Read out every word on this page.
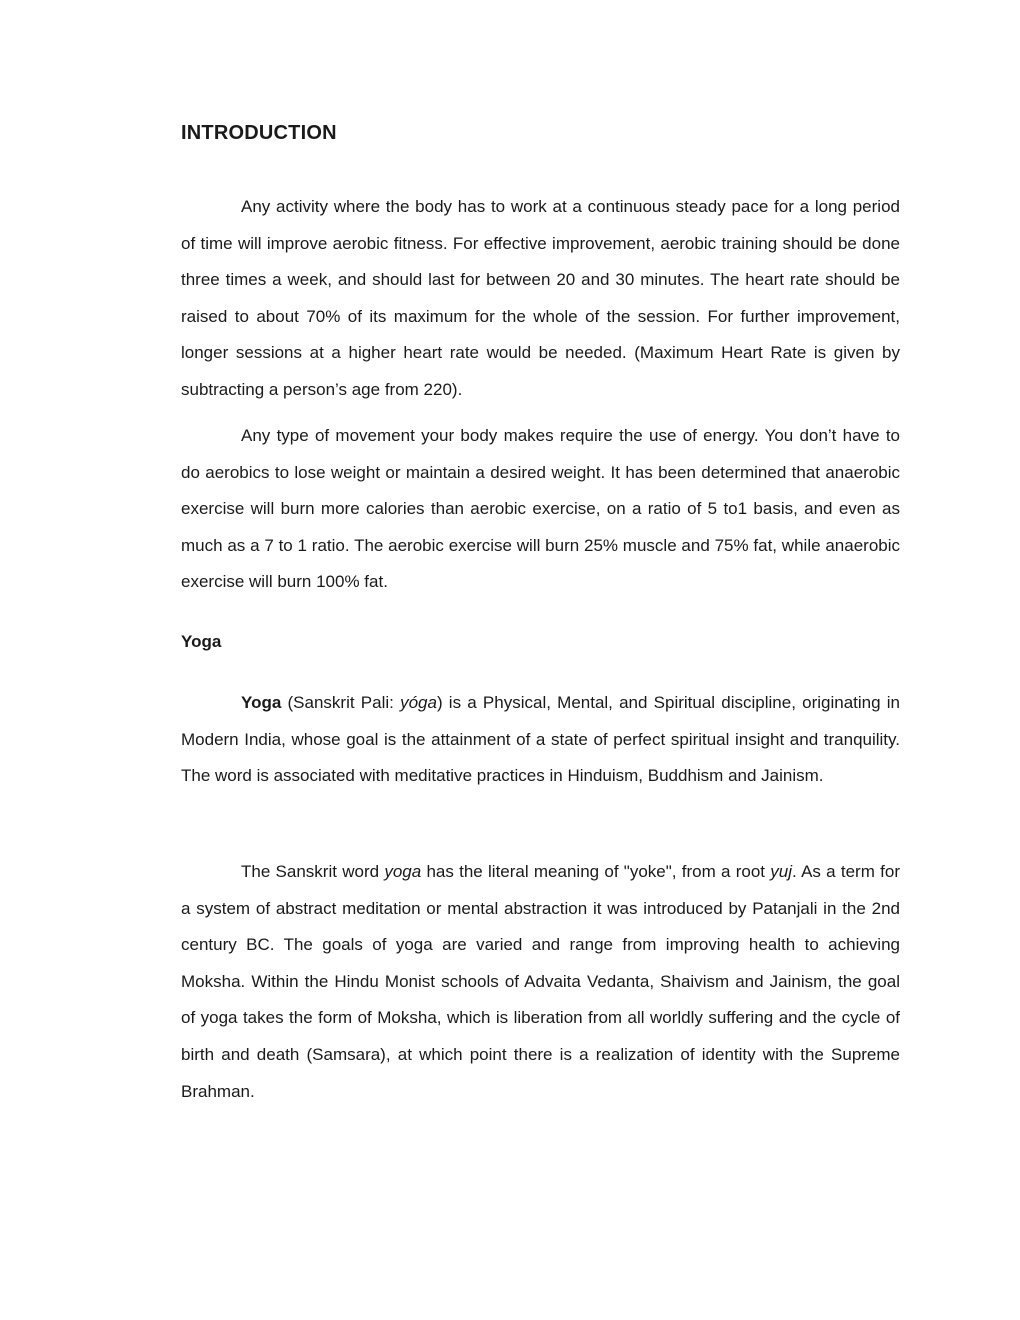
INTRODUCTION

Any activity where the body has to work at a continuous steady pace for a long period of time will improve aerobic fitness. For effective improvement, aerobic training should be done three times a week, and should last for between 20 and 30 minutes. The heart rate should be raised to about 70% of its maximum for the whole of the session. For further improvement, longer sessions at a higher heart rate would be needed. (Maximum Heart Rate is given by subtracting a person’s age from 220).

Any type of movement your body makes require the use of energy. You don’t have to do aerobics to lose weight or maintain a desired weight. It has been determined that anaerobic exercise will burn more calories than aerobic exercise, on a ratio of 5 to1 basis, and even as much as a 7 to 1 ratio. The aerobic exercise will burn 25% muscle and 75% fat, while anaerobic exercise will burn 100% fat.

Yoga

Yoga (Sanskrit Pali: yóga) is a Physical, Mental, and Spiritual discipline, originating in Modern India, whose goal is the attainment of a state of perfect spiritual insight and tranquility. The word is associated with meditative practices in Hinduism, Buddhism and Jainism.

The Sanskrit word yoga has the literal meaning of "yoke", from a root yuj. As a term for a system of abstract meditation or mental abstraction it was introduced by Patanjali in the 2nd century BC. The goals of yoga are varied and range from improving health to achieving Moksha. Within the Hindu Monist schools of Advaita Vedanta, Shaivism and Jainism, the goal of yoga takes the form of Moksha, which is liberation from all worldly suffering and the cycle of birth and death (Samsara), at which point there is a realization of identity with the Supreme Brahman.
